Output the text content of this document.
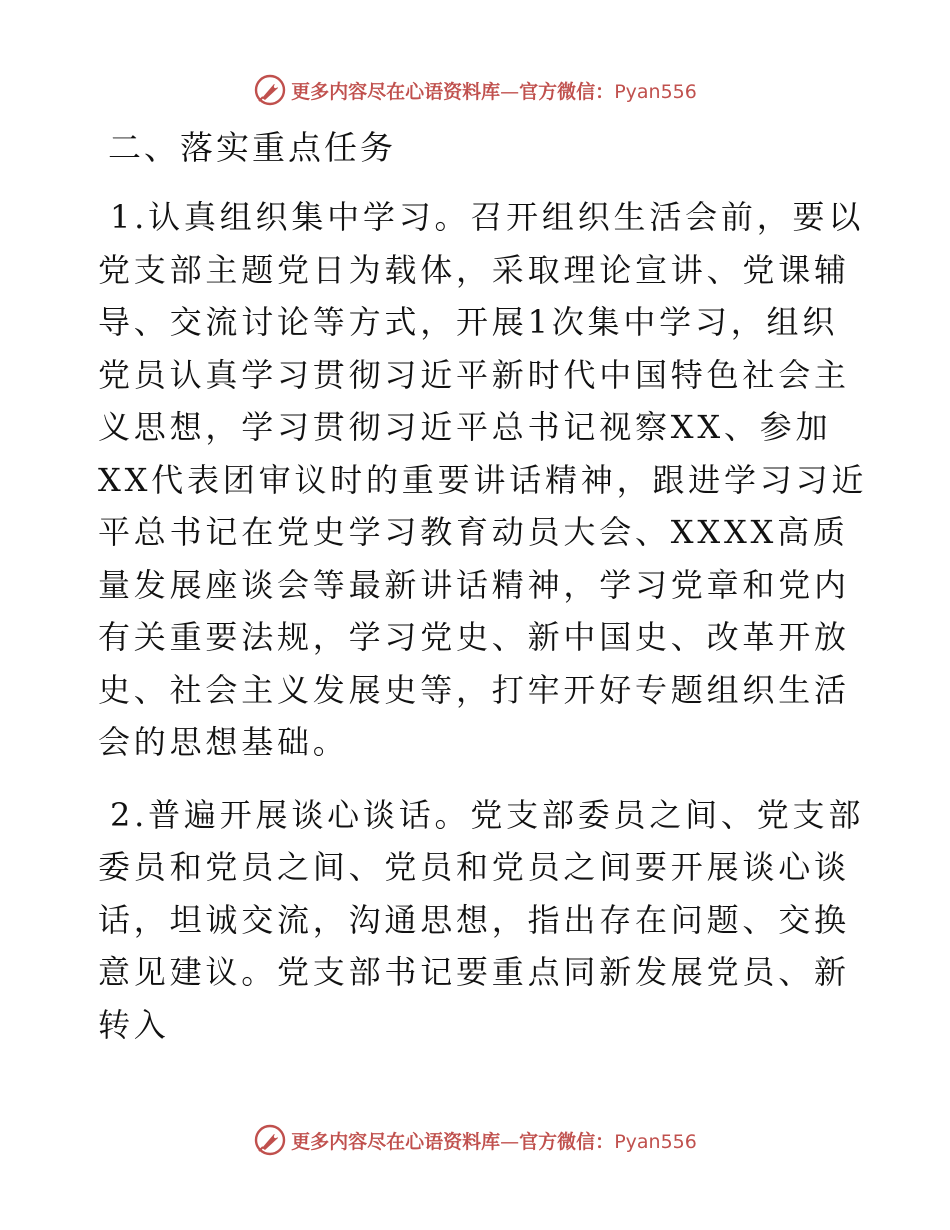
更多内容尽在心语资料库—官方微信：Pyan556
二、落实重点任务

1.认真组织集中学习。召开组织生活会前，要以党支部主题党日为载体，采取理论宣讲、党课辅导、交流讨论等方式，开展1次集中学习，组织党员认真学习贯彻习近平新时代中国特色社会主义思想，学习贯彻习近平总书记视察XX、参加XX代表团审议时的重要讲话精神，跟进学习习近平总书记在党史学习教育动员大会、XXXX高质量发展座谈会等最新讲话精神，学习党章和党内有关重要法规，学习党史、新中国史、改革开放史、社会主义发展史等，打牢开好专题组织生活会的思想基础。

2.普遍开展谈心谈话。党支部委员之间、党支部委员和党员之间、党员和党员之间要开展谈心谈话，坦诚交流，沟通思想，指出存在问题、交换意见建议。党支部书记要重点同新发展党员、新转入

更多内容尽在心语资料库—官方微信：Pyan556
